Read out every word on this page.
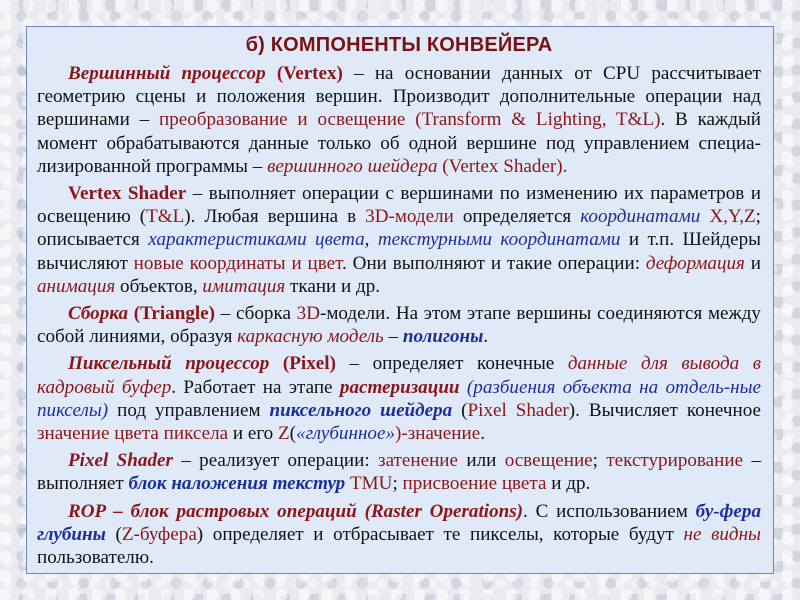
б) КОМПОНЕНТЫ КОНВЕЙЕРА

Вершинный процессор (Vertex) – на основании данных от CPU рассчитывает геометрию сцены и положения вершин. Производит дополнительные операции над вершинами – преобразование и освещение (Transform & Lighting, T&L). В каждый момент обрабатываются данные только об одной вершине под управлением специа-лизированной программы – вершинного шейдера (Vertex Shader).

Vertex Shader – выполняет операции с вершинами по изменению их параметров и освещению (T&L). Любая вершина в 3D-модели определяется координатами X,Y,Z; описывается характеристиками цвета, текстурными координатами и т.п. Шейдеры вычисляют новые координаты и цвет. Они выполняют и такие операции: деформация и анимация объектов, имитация ткани и др.

Сборка (Triangle) – сборка 3D-модели. На этом этапе вершины соединяются между собой линиями, образуя каркасную модель – полигоны.

Пиксельный процессор (Pixel) – определяет конечные данные для вывода в кадровый буфер. Работает на этапе растеризации (разбиения объекта на отдель-ные пикселы) под управлением пиксельного шейдера (Pixel Shader). Вычисляет конечное значение цвета пиксела и его Z(«глубинное»)-значение.

Pixel Shader – реализует операции: затенение или освещение; текстурирование – выполняет блок наложения текстур TMU; присвоение цвета и др.

ROP – блок растровых операций (Raster Operations). С использованием бу-фера глубины (Z-буфера) определяет и отбрасывает те пикселы, которые будут не видны пользователю.
